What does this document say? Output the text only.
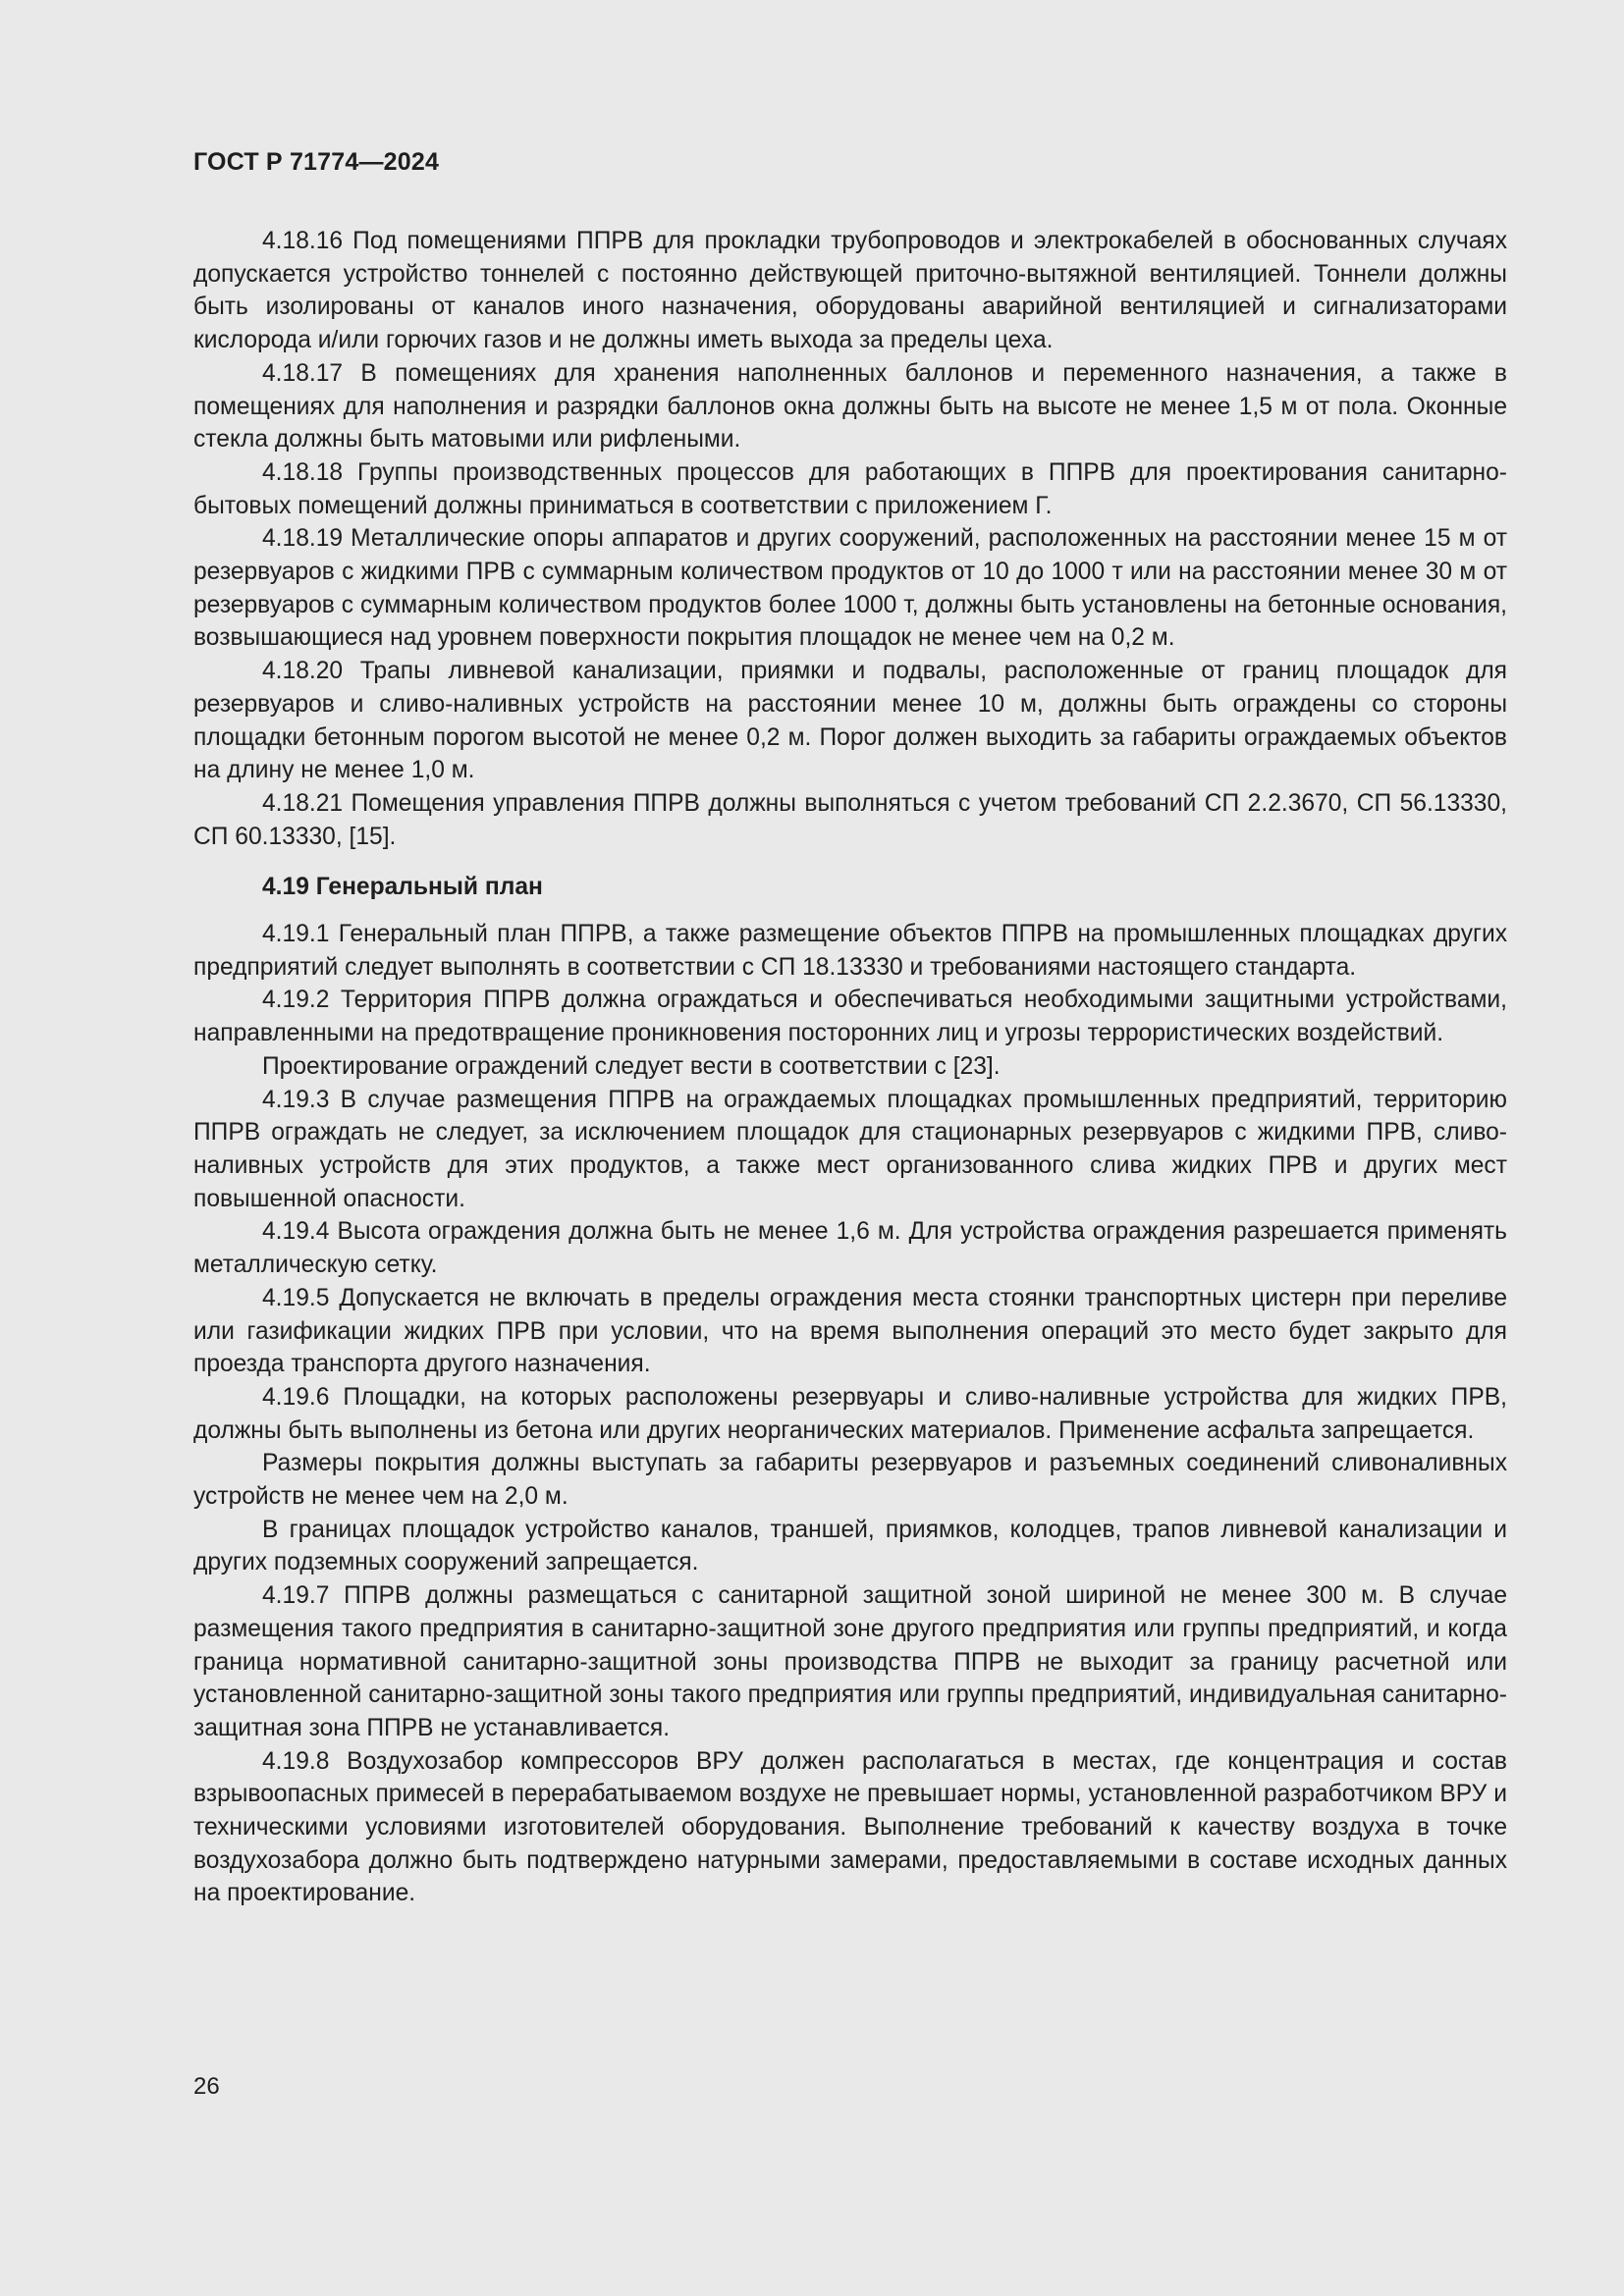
ГОСТ Р 71774—2024

4.18.16 Под помещениями ППРВ для прокладки трубопроводов и электрокабелей в обоснованных случаях допускается устройство тоннелей с постоянно действующей приточно-вытяжной вентиляцией. Тоннели должны быть изолированы от каналов иного назначения, оборудованы аварийной вентиляцией и сигнализаторами кислорода и/или горючих газов и не должны иметь выхода за пределы цеха.

4.18.17 В помещениях для хранения наполненных баллонов и переменного назначения, а также в помещениях для наполнения и разрядки баллонов окна должны быть на высоте не менее 1,5 м от пола. Оконные стекла должны быть матовыми или рифлеными.

4.18.18 Группы производственных процессов для работающих в ППРВ для проектирования санитарно-бытовых помещений должны приниматься в соответствии с приложением Г.

4.18.19 Металлические опоры аппаратов и других сооружений, расположенных на расстоянии менее 15 м от резервуаров с жидкими ПРВ с суммарным количеством продуктов от 10 до 1000 т или на расстоянии менее 30 м от резервуаров с суммарным количеством продуктов более 1000 т, должны быть установлены на бетонные основания, возвышающиеся над уровнем поверхности покрытия площадок не менее чем на 0,2 м.

4.18.20 Трапы ливневой канализации, приямки и подвалы, расположенные от границ площадок для резервуаров и сливо-наливных устройств на расстоянии менее 10 м, должны быть ограждены со стороны площадки бетонным порогом высотой не менее 0,2 м. Порог должен выходить за габариты ограждаемых объектов на длину не менее 1,0 м.

4.18.21 Помещения управления ППРВ должны выполняться с учетом требований СП 2.2.3670, СП 56.13330, СП 60.13330, [15].

4.19 Генеральный план

4.19.1 Генеральный план ППРВ, а также размещение объектов ППРВ на промышленных площадках других предприятий следует выполнять в соответствии с СП 18.13330 и требованиями настоящего стандарта.

4.19.2 Территория ППРВ должна ограждаться и обеспечиваться необходимыми защитными устройствами, направленными на предотвращение проникновения посторонних лиц и угрозы террористических воздействий.

Проектирование ограждений следует вести в соответствии с [23].

4.19.3 В случае размещения ППРВ на ограждаемых площадках промышленных предприятий, территорию ППРВ ограждать не следует, за исключением площадок для стационарных резервуаров с жидкими ПРВ, сливо-наливных устройств для этих продуктов, а также мест организованного слива жидких ПРВ и других мест повышенной опасности.

4.19.4 Высота ограждения должна быть не менее 1,6 м. Для устройства ограждения разрешается применять металлическую сетку.

4.19.5 Допускается не включать в пределы ограждения места стоянки транспортных цистерн при переливе или газификации жидких ПРВ при условии, что на время выполнения операций это место будет закрыто для проезда транспорта другого назначения.

4.19.6 Площадки, на которых расположены резервуары и сливо-наливные устройства для жидких ПРВ, должны быть выполнены из бетона или других неорганических материалов. Применение асфальта запрещается.

Размеры покрытия должны выступать за габариты резервуаров и разъемных соединений сливоналивных устройств не менее чем на 2,0 м.

В границах площадок устройство каналов, траншей, приямков, колодцев, трапов ливневой канализации и других подземных сооружений запрещается.

4.19.7 ППРВ должны размещаться с санитарной защитной зоной шириной не менее 300 м. В случае размещения такого предприятия в санитарно-защитной зоне другого предприятия или группы предприятий, и когда граница нормативной санитарно-защитной зоны производства ППРВ не выходит за границу расчетной или установленной санитарно-защитной зоны такого предприятия или группы предприятий, индивидуальная санитарно-защитная зона ППРВ не устанавливается.

4.19.8 Воздухозабор компрессоров ВРУ должен располагаться в местах, где концентрация и состав взрывоопасных примесей в перерабатываемом воздухе не превышает нормы, установленной разработчиком ВРУ и техническими условиями изготовителей оборудования. Выполнение требований к качеству воздуха в точке воздухозабора должно быть подтверждено натурными замерами, предоставляемыми в составе исходных данных на проектирование.

26
